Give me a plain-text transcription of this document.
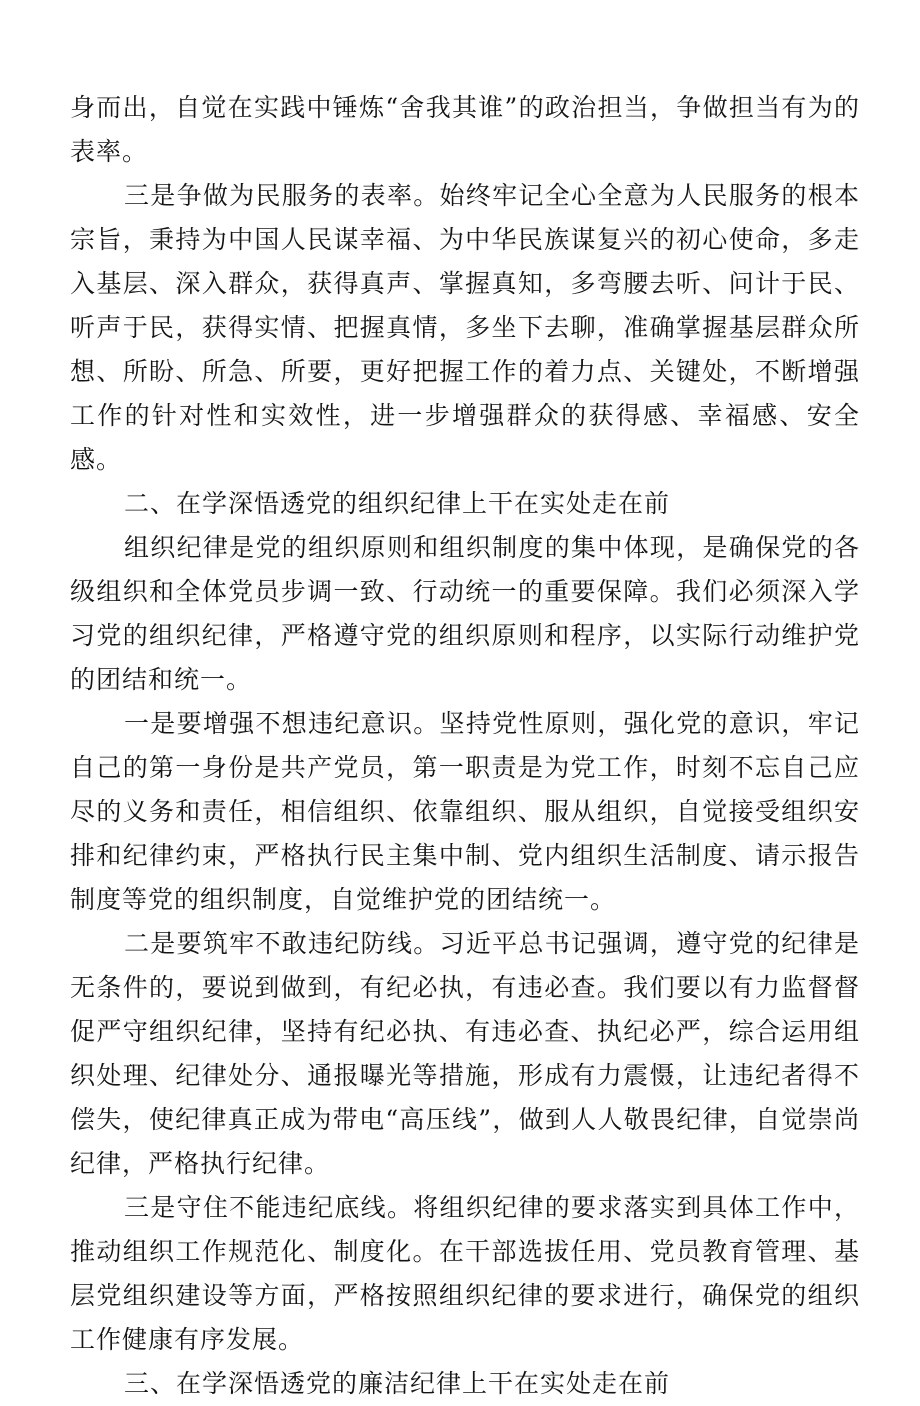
身而出，自觉在实践中锤炼“舍我其谁”的政治担当，争做担当有为的表率。

三是争做为民服务的表率。始终牢记全心全意为人民服务的根本宗旨，秉持为中国人民谋幸福、为中华民族谋复兴的初心使命，多走入基层、深入群众，获得真声、掌握真知，多弯腰去听、问计于民、听声于民，获得实情、把握真情，多坐下去聊，准确掌握基层群众所想、所盼、所急、所要，更好把握工作的着力点、关键处，不断增强工作的针对性和实效性，进一步增强群众的获得感、幸福感、安全感。

二、在学深悟透党的组织纪律上干在实处走在前

组织纪律是党的组织原则和组织制度的集中体现，是确保党的各级组织和全体党员步调一致、行动统一的重要保障。我们必须深入学习党的组织纪律，严格遵守党的组织原则和程序，以实际行动维护党的团结和统一。

一是要增强不想违纪意识。坚持党性原则，强化党的意识，牢记自己的第一身份是共产党员，第一职责是为党工作，时刻不忘自己应尽的义务和责任，相信组织、依靠组织、服从组织，自觉接受组织安排和纪律约束，严格执行民主集中制、党内组织生活制度、请示报告制度等党的组织制度，自觉维护党的团结统一。

二是要筑牢不敢违纪防线。习近平总书记强调，遵守党的纪律是无条件的，要说到做到，有纪必执，有违必查。我们要以有力监督督促严守组织纪律，坚持有纪必执、有违必查、执纪必严，综合运用组织处理、纪律处分、通报曝光等措施，形成有力震慑，让违纪者得不偿失，使纪律真正成为带电“高压线”，做到人人敬畏纪律，自觉崇尚纪律，严格执行纪律。

三是守住不能违纪底线。将组织纪律的要求落实到具体工作中，推动组织工作规范化、制度化。在干部选拔任用、党员教育管理、基层党组织建设等方面，严格按照组织纪律的要求进行，确保党的组织工作健康有序发展。

三、在学深悟透党的廉洁纪律上干在实处走在前
